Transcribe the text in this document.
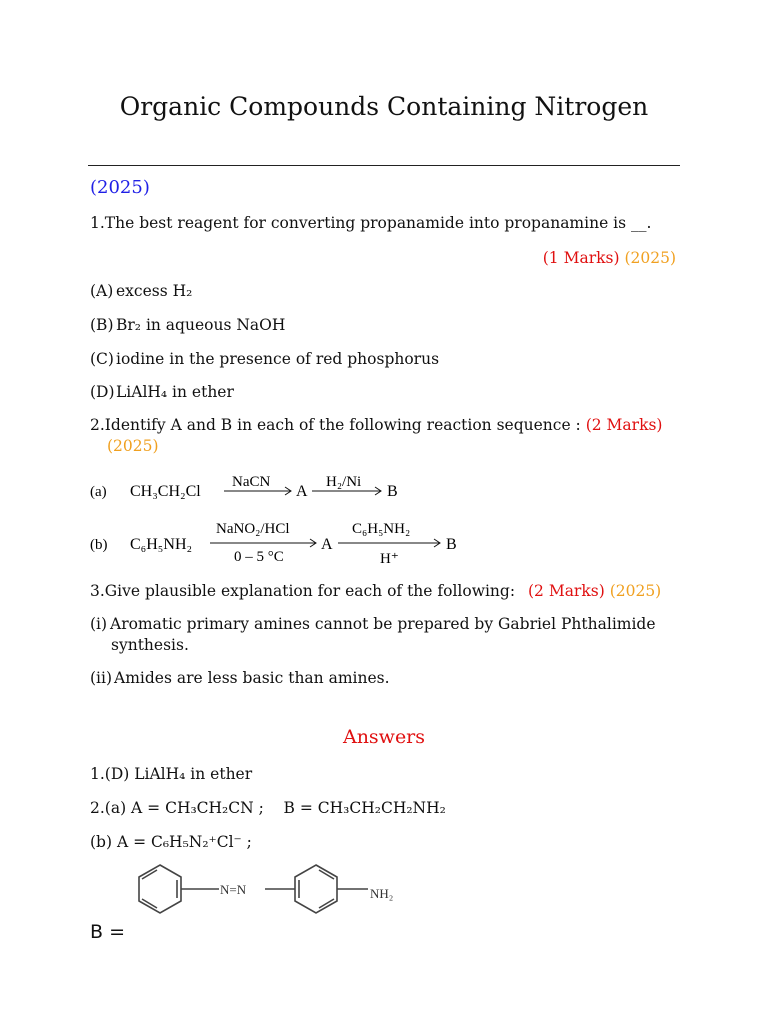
Organic Compounds Containing Nitrogen
(2025)
1.The best reagent for converting propanamide into propanamine is __.
(1 Marks) (2025)
(A) excess H₂
(B) Br₂ in aqueous NaOH
(C) iodine in the presence of red phosphorus
(D)LiAlH₄ in ether
2.Identify A and B in each of the following reaction sequence : (2 Marks)
(2025)
(a) CH₃CH₂Cl
NaCN
A
H₂/Ni
B
(b) C₆H₅NH₂
NaNO₂/HCl
0 – 5 °C
A
C₆H₅NH₂
H⁺
B
3.Give plausible explanation for each of the following: (2 Marks) (2025)
(i) Aromatic primary amines cannot be prepared by Gabriel Phthalimide
synthesis.
(ii) Amides are less basic than amines.
Answers
1.(D) LiAlH₄ in ether
2.(a) A = CH₃CH₂CN ;    B = CH₃CH₂CH₂NH₂
(b) A = C₆H₅N₂⁺Cl⁻ ;
B =
N=N	NH₂
